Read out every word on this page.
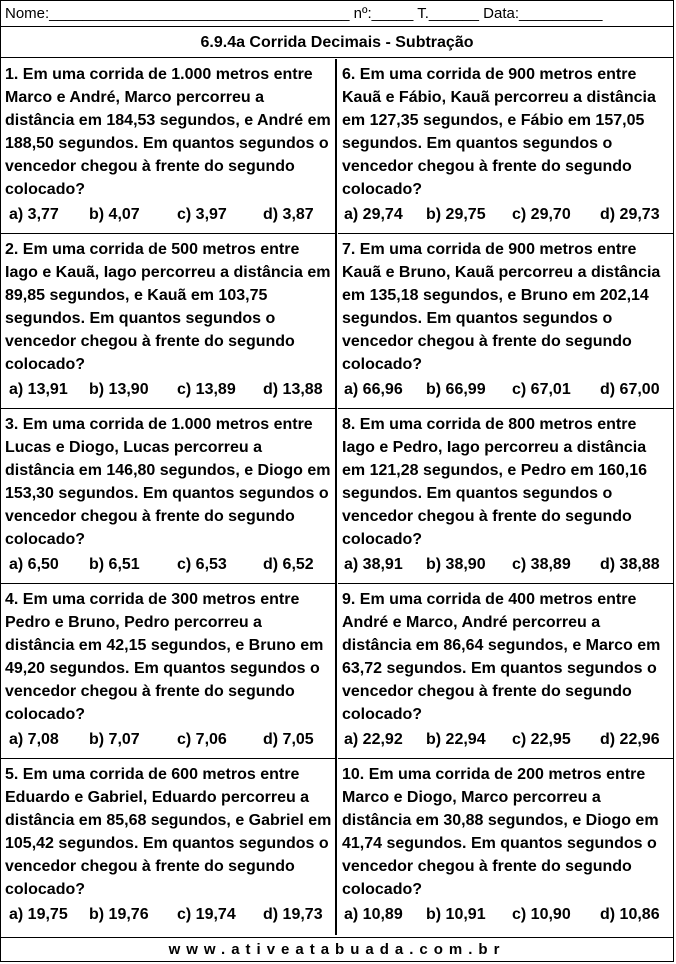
Nome:____________________________________ nº:_____ T.______ Data:__________
6.9.4a Corrida Decimais - Subtração
1. Em uma corrida de 1.000 metros entre Marco e André, Marco percorreu a distância em 184,53 segundos, e André em 188,50 segundos. Em quantos segundos o vencedor chegou à frente do segundo colocado?
a) 3,77 b) 4,07 c) 3,97 d) 3,87
2. Em uma corrida de 500 metros entre Iago e Kauã, Iago percorreu a distância em 89,85 segundos, e Kauã em 103,75 segundos. Em quantos segundos o vencedor chegou à frente do segundo colocado?
a) 13,91 b) 13,90 c) 13,89 d) 13,88
3. Em uma corrida de 1.000 metros entre Lucas e Diogo, Lucas percorreu a distância em 146,80 segundos, e Diogo em 153,30 segundos. Em quantos segundos o vencedor chegou à frente do segundo colocado?
a) 6,50 b) 6,51 c) 6,53 d) 6,52
4. Em uma corrida de 300 metros entre Pedro e Bruno, Pedro percorreu a distância em 42,15 segundos, e Bruno em 49,20 segundos. Em quantos segundos o vencedor chegou à frente do segundo colocado?
a) 7,08 b) 7,07 c) 7,06 d) 7,05
5. Em uma corrida de 600 metros entre Eduardo e Gabriel, Eduardo percorreu a distância em 85,68 segundos, e Gabriel em 105,42 segundos. Em quantos segundos o vencedor chegou à frente do segundo colocado?
a) 19,75 b) 19,76 c) 19,74 d) 19,73
6. Em uma corrida de 900 metros entre Kauã e Fábio, Kauã percorreu a distância em 127,35 segundos, e Fábio em 157,05 segundos. Em quantos segundos o vencedor chegou à frente do segundo colocado?
a) 29,74 b) 29,75 c) 29,70 d) 29,73
7. Em uma corrida de 900 metros entre Kauã e Bruno, Kauã percorreu a distância em 135,18 segundos, e Bruno em 202,14 segundos. Em quantos segundos o vencedor chegou à frente do segundo colocado?
a) 66,96 b) 66,99 c) 67,01 d) 67,00
8. Em uma corrida de 800 metros entre Iago e Pedro, Iago percorreu a distância em 121,28 segundos, e Pedro em 160,16 segundos. Em quantos segundos o vencedor chegou à frente do segundo colocado?
a) 38,91 b) 38,90 c) 38,89 d) 38,88
9. Em uma corrida de 400 metros entre André e Marco, André percorreu a distância em 86,64 segundos, e Marco em 63,72 segundos. Em quantos segundos o vencedor chegou à frente do segundo colocado?
a) 22,92 b) 22,94 c) 22,95 d) 22,96
10. Em uma corrida de 200 metros entre Marco e Diogo, Marco percorreu a distância em 30,88 segundos, e Diogo em 41,74 segundos. Em quantos segundos o vencedor chegou à frente do segundo colocado?
a) 10,89 b) 10,91 c) 10,90 d) 10,86
www.ativeatabuada.com.br
